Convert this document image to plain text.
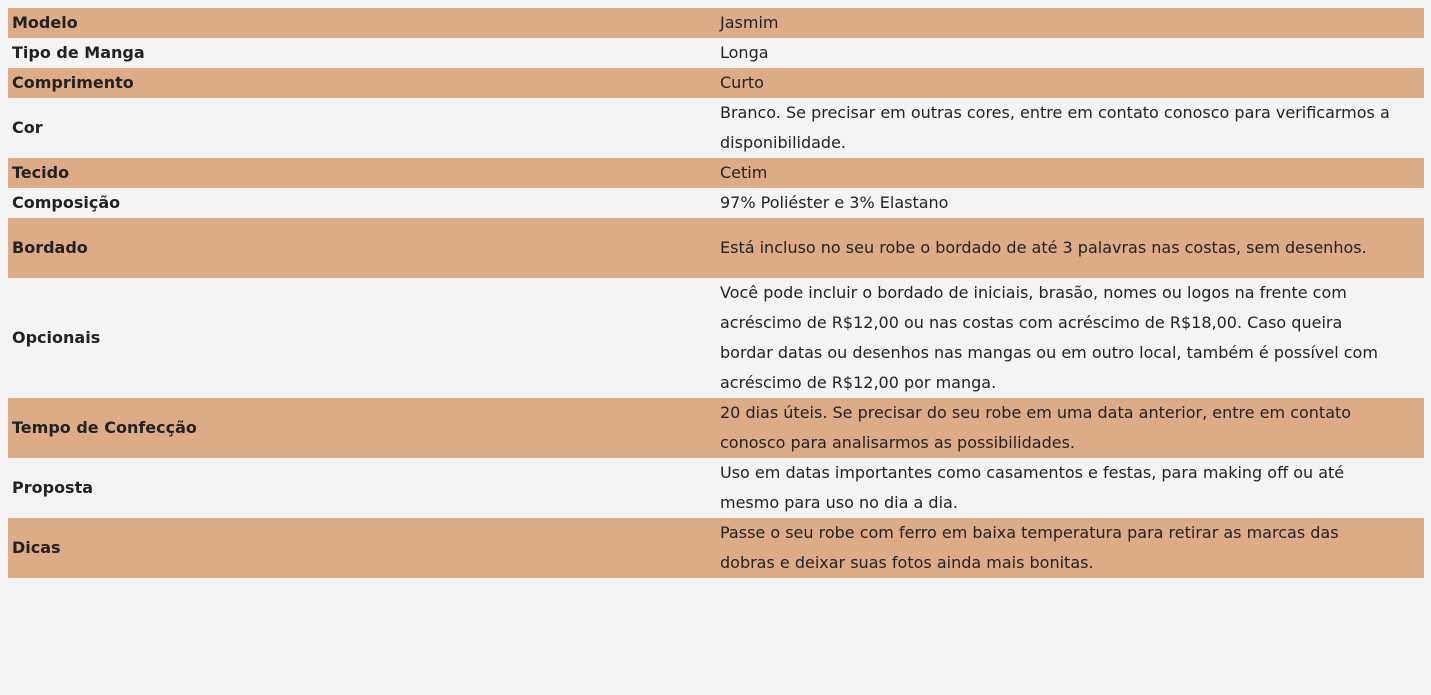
Modelo	Jasmim
Tipo de Manga	Longa
Comprimento	Curto
Cor	Branco. Se precisar em outras cores, entre em contato conosco para verificarmos a disponibilidade.
Tecido	Cetim
Composição	97% Poliéster e 3% Elastano
Bordado	Está incluso no seu robe o bordado de até 3 palavras nas costas, sem desenhos.
Opcionais	Você pode incluir o bordado de iniciais, brasão, nomes ou logos na frente com acréscimo de R$12,00 ou nas costas com acréscimo de R$18,00. Caso queira bordar datas ou desenhos nas mangas ou em outro local, também é possível com acréscimo de R$12,00 por manga.
Tempo de Confecção	20 dias úteis. Se precisar do seu robe em uma data anterior, entre em contato conosco para analisarmos as possibilidades.
Proposta	Uso em datas importantes como casamentos e festas, para making off ou até mesmo para uso no dia a dia.
Dicas	Passe o seu robe com ferro em baixa temperatura para retirar as marcas das dobras e deixar suas fotos ainda mais bonitas.
